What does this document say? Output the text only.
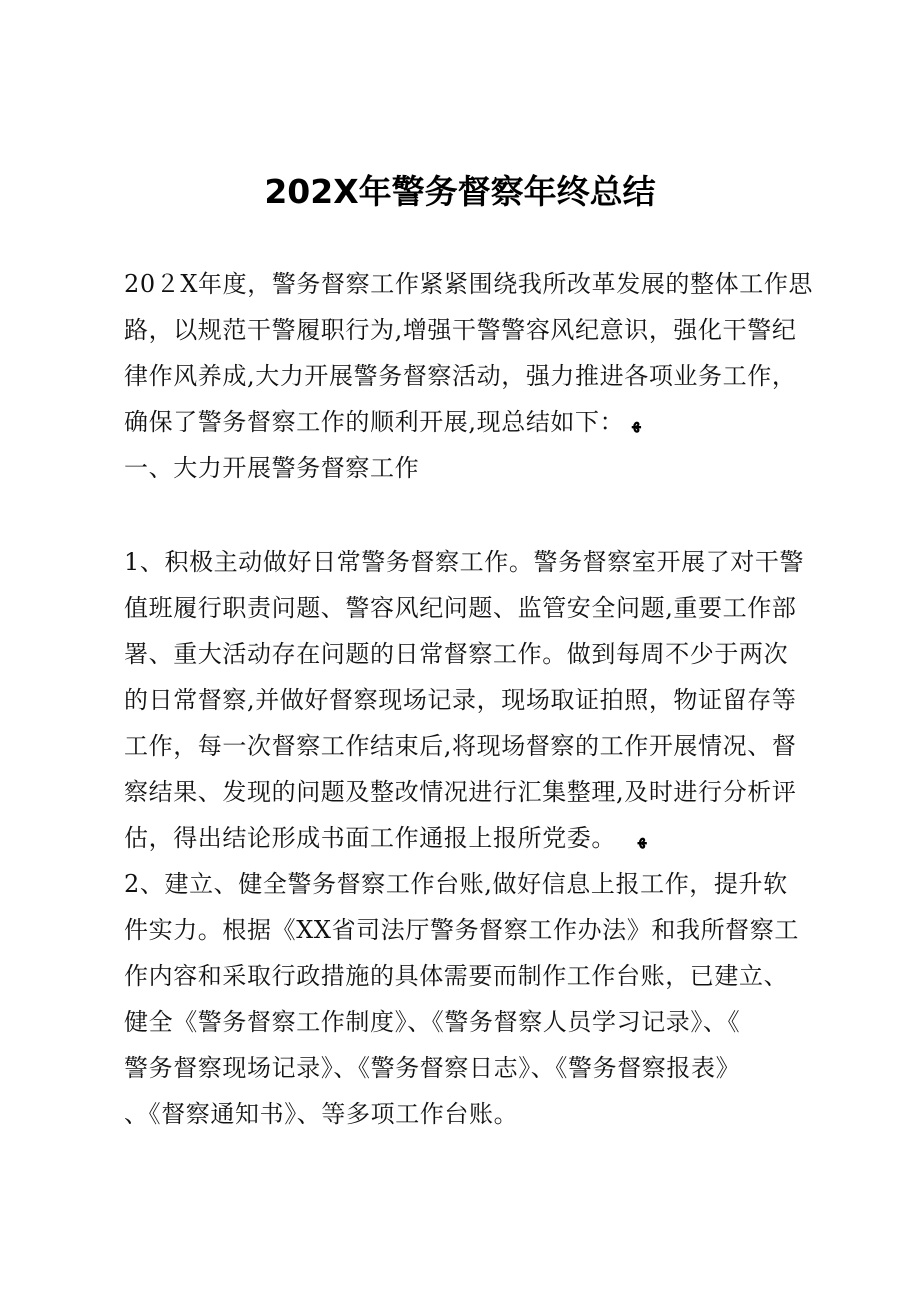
202X年警务督察年终总结
20２X年度，警务督察工作紧紧围绕我所改革发展的整体工作思
路，以规范干警履职行为,增强干警警容风纪意识，强化干警纪
律作风养成,大力开展警务督察活动，强力推进各项业务工作，
确保了警务督察工作的顺利开展,现总结如下： ﻬ
一、大力开展警务督察工作
1、积极主动做好日常警务督察工作。警务督察室开展了对干警
值班履行职责问题、警容风纪问题、监管安全问题,重要工作部
署、重大活动存在问题的日常督察工作。做到每周不少于两次
的日常督察,并做好督察现场记录，现场取证拍照，物证留存等
工作，每一次督察工作结束后,将现场督察的工作开展情况、督
察结果、发现的问题及整改情况进行汇集整理,及时进行分析评
估，得出结论形成书面工作通报上报所党委。 ﻬ
2、建立、健全警务督察工作台账,做好信息上报工作，提升软
件实力。根据《XX省司法厅警务督察工作办法》和我所督察工
作内容和采取行政措施的具体需要而制作工作台账，已建立、
健全《警务督察工作制度》、《警务督察人员学习记录》、《
警务督察现场记录》、《警务督察日志》、《警务督察报表》
、《督察通知书》、等多项工作台账。
